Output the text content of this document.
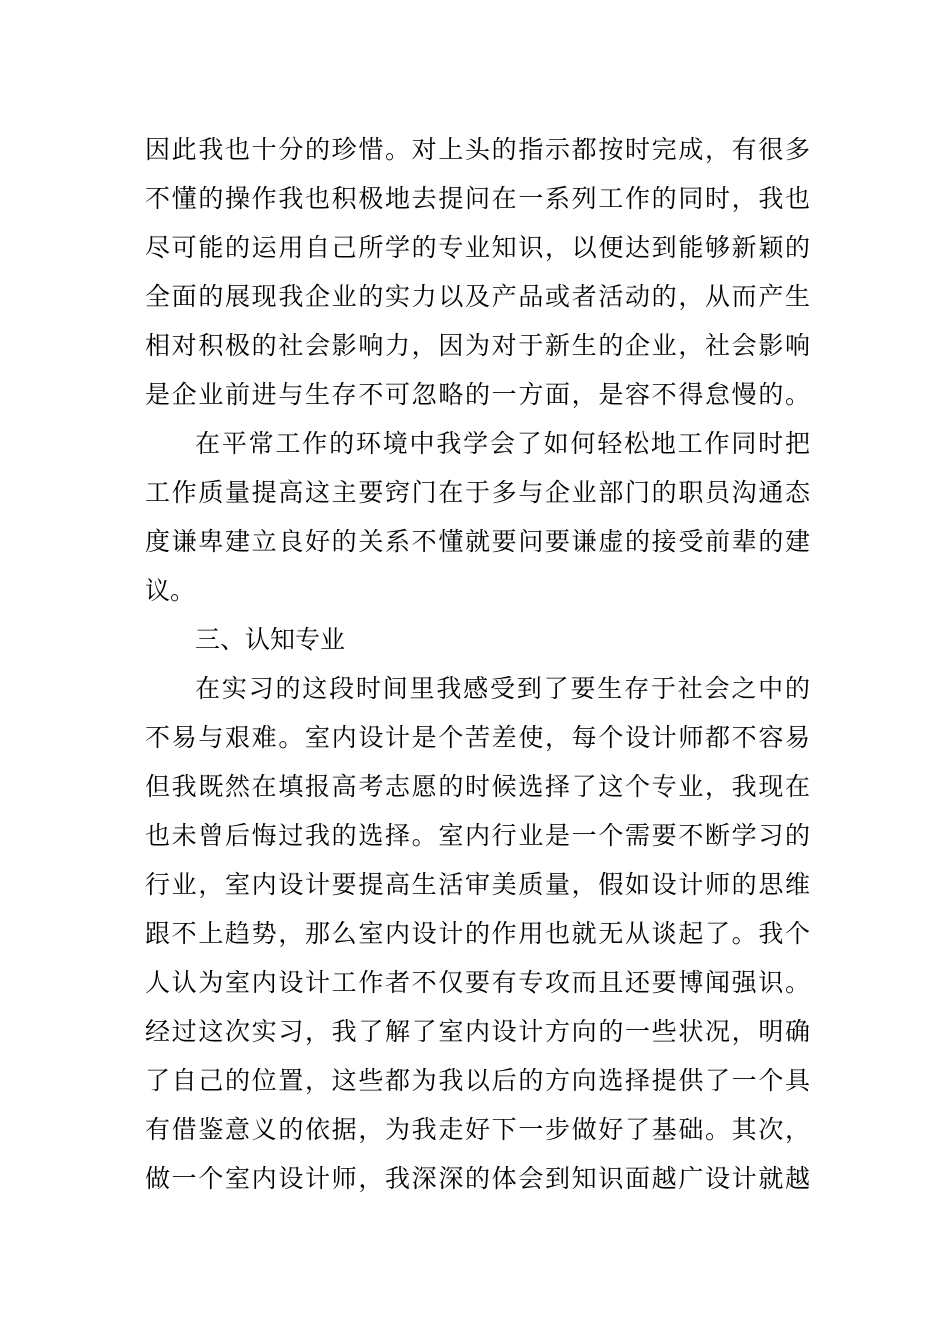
因此我也十分的珍惜。对上头的指示都按时完成，有很多
不懂的操作我也积极地去提问在一系列工作的同时，我也
尽可能的运用自己所学的专业知识，以便达到能够新颖的
全面的展现我企业的实力以及产品或者活动的，从而产生
相对积极的社会影响力，因为对于新生的企业，社会影响
是企业前进与生存不可忽略的一方面，是容不得怠慢的。
在平常工作的环境中我学会了如何轻松地工作同时把
工作质量提高这主要窍门在于多与企业部门的职员沟通态
度谦卑建立良好的关系不懂就要问要谦虚的接受前辈的建
议。
三、认知专业
在实习的这段时间里我感受到了要生存于社会之中的
不易与艰难。室内设计是个苦差使，每个设计师都不容易
但我既然在填报高考志愿的时候选择了这个专业，我现在
也未曾后悔过我的选择。室内行业是一个需要不断学习的
行业，室内设计要提高生活审美质量，假如设计师的思维
跟不上趋势，那么室内设计的作用也就无从谈起了。我个
人认为室内设计工作者不仅要有专攻而且还要博闻强识。
经过这次实习，我了解了室内设计方向的一些状况，明确
了自己的位置，这些都为我以后的方向选择提供了一个具
有借鉴意义的依据，为我走好下一步做好了基础。其次，
做一个室内设计师，我深深的体会到知识面越广设计就越
